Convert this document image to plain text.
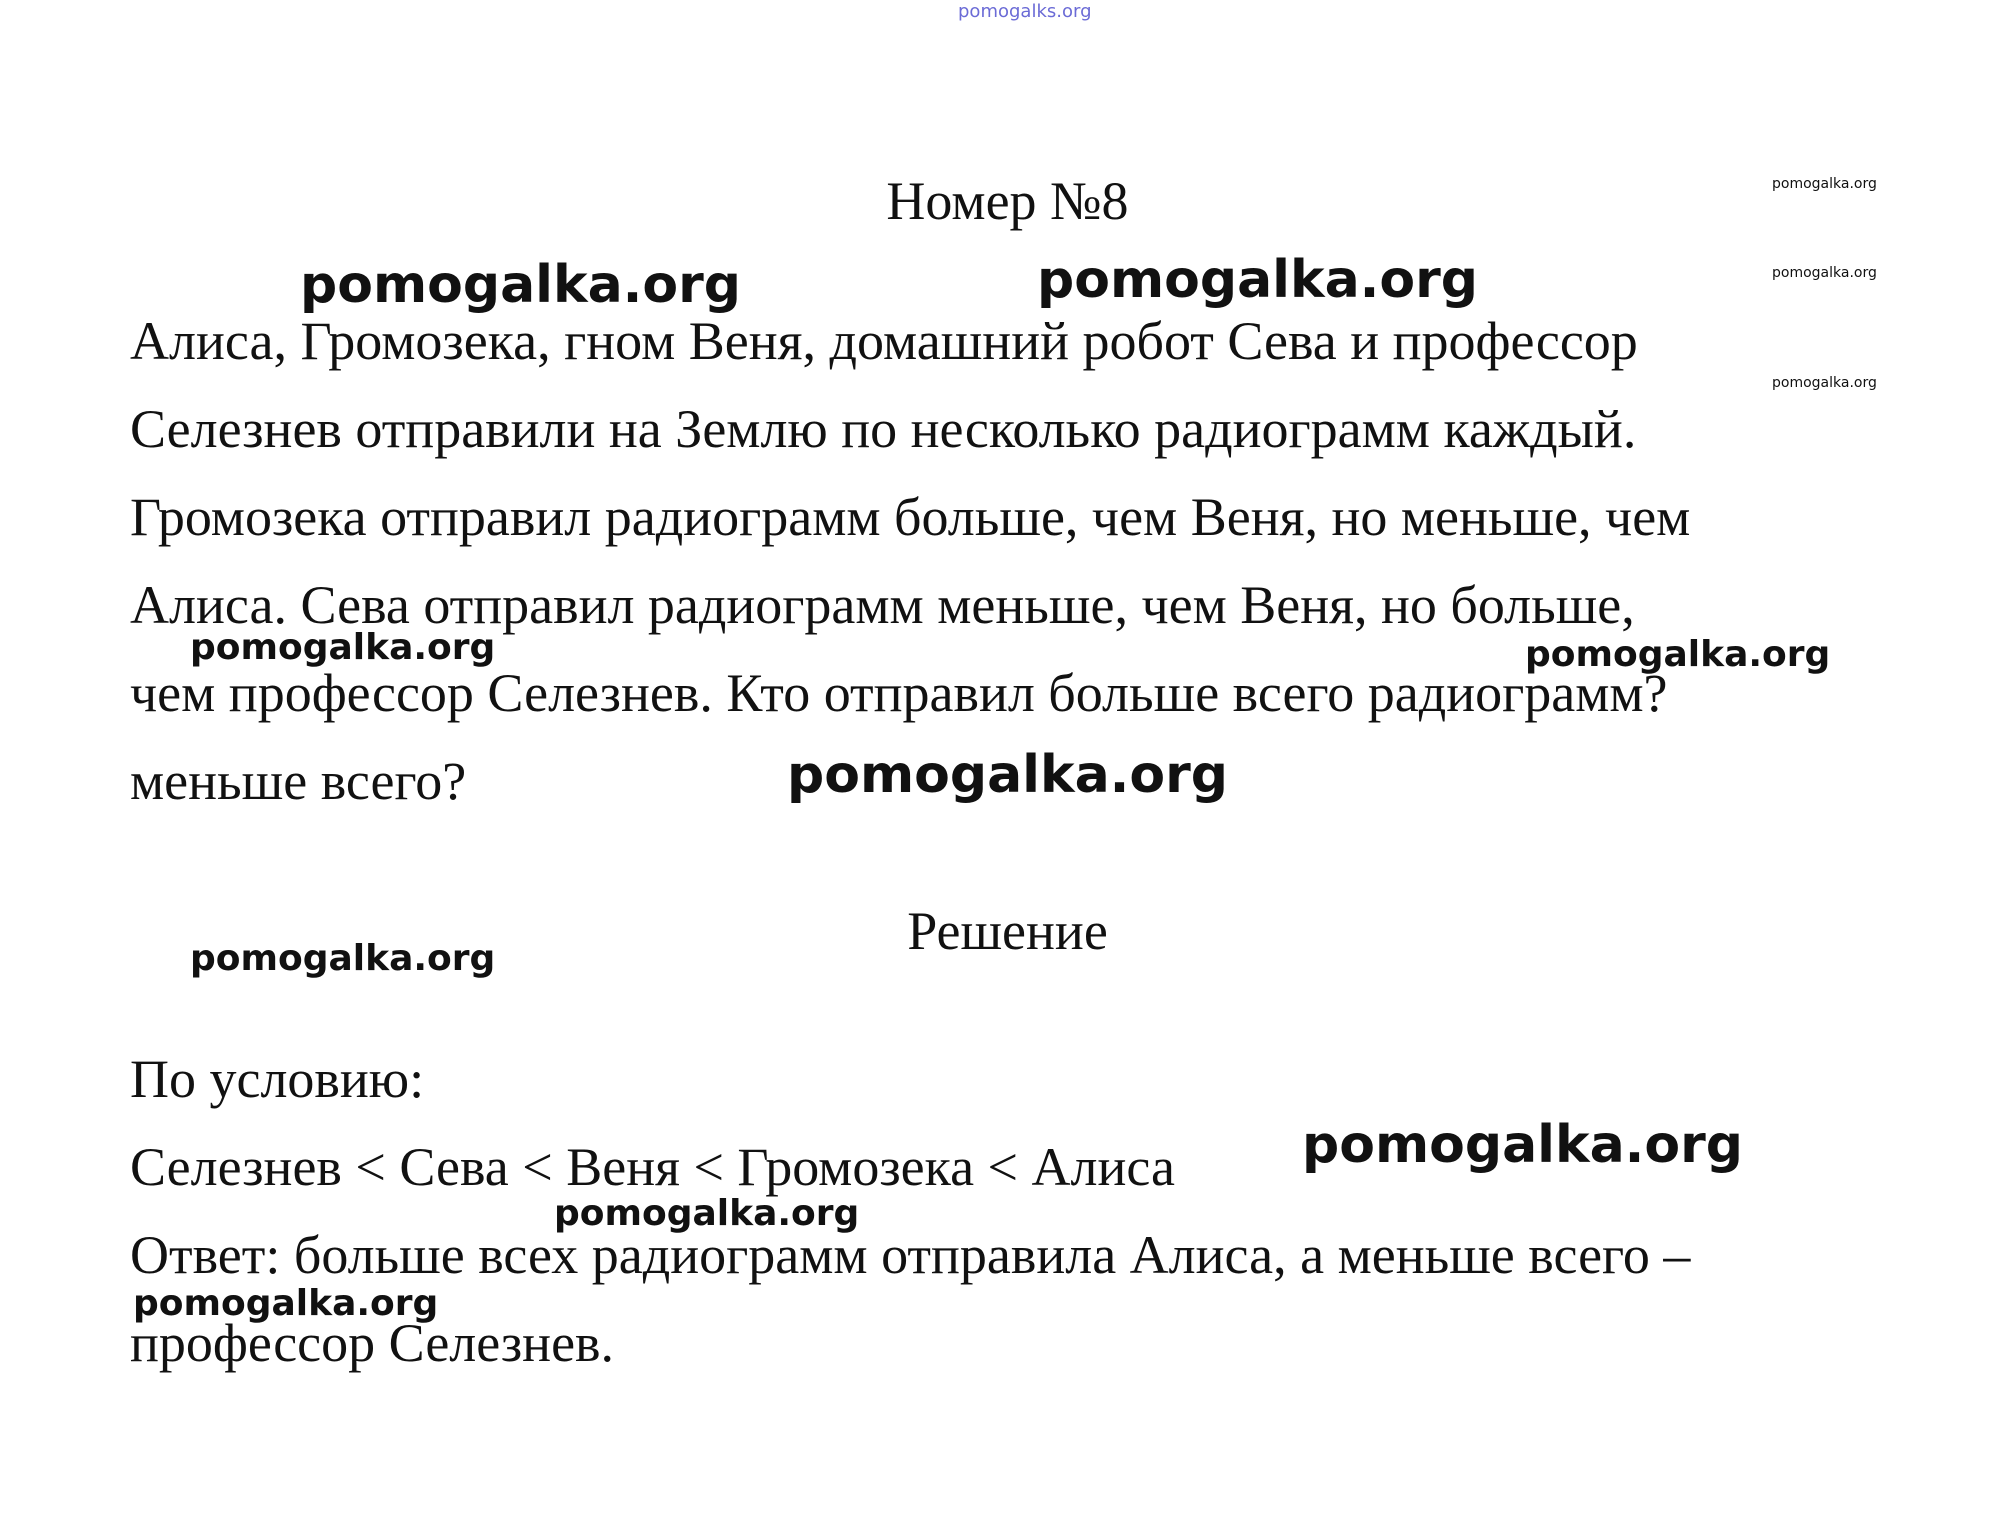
pomogalks.org
Номер №8
Алиса, Громозека, гном Веня, домашний робот Сева и профессор
Селезнев отправили на Землю по несколько радиограмм каждый.
Громозека отправил радиограмм больше, чем Веня, но меньше, чем
Алиса. Сева отправил радиограмм меньше, чем Веня, но больше,
чем профессор Селезнев. Кто отправил больше всего радиограмм?
меньше всего?
Решение
По условию:
Селезнев < Сева < Веня < Громозека < Алиса
Ответ: больше всех радиограмм отправила Алиса, а меньше всего –
профессор Селезнев.
pomogalka.org
pomogalka.org	pomogalka.org	pomogalka.org
pomogalka.org
pomogalka.org	pomogalka.org
pomogalka.org
pomogalka.org
pomogalka.org
pomogalka.org
pomogalka.org
